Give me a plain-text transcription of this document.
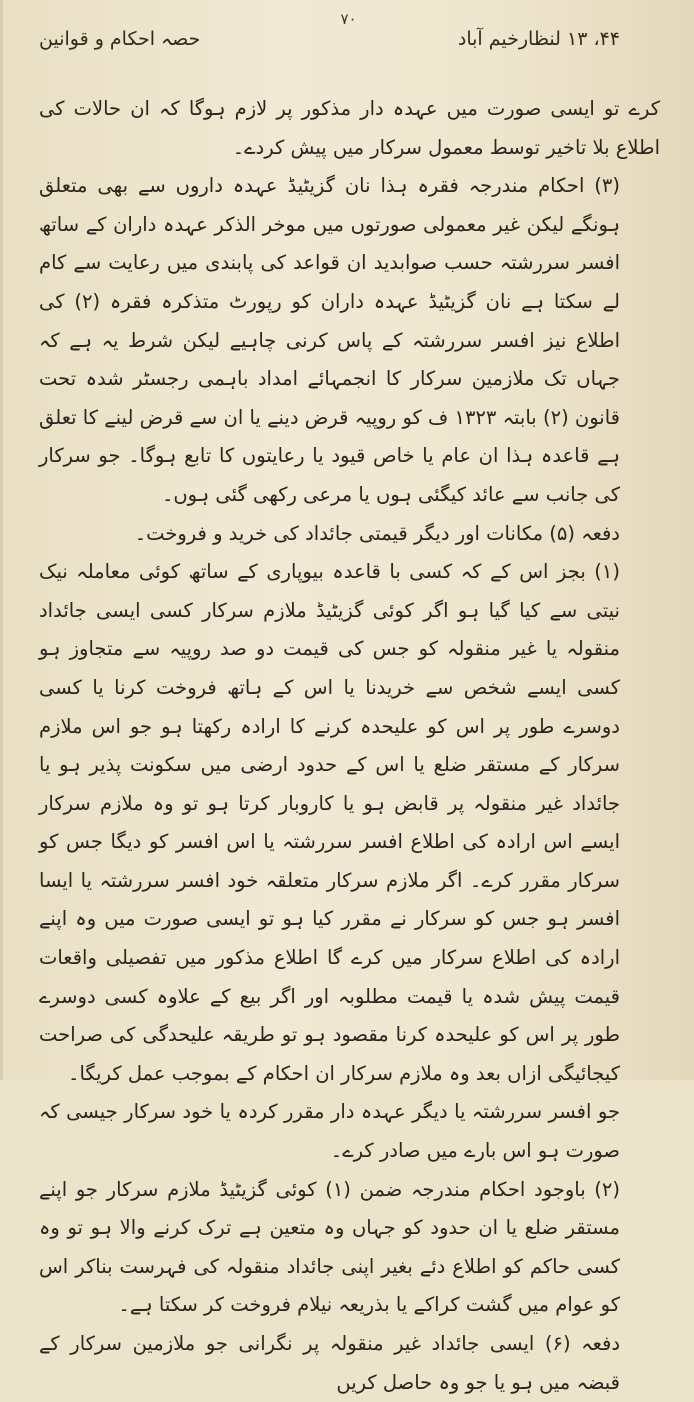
۷۰
۴۴، ۱۳ لنظارخیم آباد
حصہ احکام و قوانین

کرے تو ایسی صورت میں عہدہ دار مذکور پر لازم ہوگا کہ ان حالات کی اطلاع بلا تاخیر توسط معمول سرکار میں پیش کردے۔

(۳) احکام مندرجہ فقرہ ہذا نان گزیٹیڈ عہدہ داروں سے بھی متعلق ہونگے لیکن غیر معمولی صورتوں میں موخر الذکر عہدہ داران کے ساتھ افسر سررشتہ حسب صوابدید ان قواعد کی پابندی میں رعایت سے کام لے سکتا ہے نان گزیٹیڈ عہدہ داران کو رپورٹ متذکرہ فقرہ (۲) کی اطلاع نیز افسر سررشتہ کے پاس کرنی چاہیے لیکن شرط یہ ہے کہ جہاں تک ملازمین سرکار کا انجمہائے امداد باہمی رجسٹر شدہ تحت قانون (۲) بابتہ ۱۳۲۳ ف کو روپیہ قرض دینے یا ان سے قرض لینے کا تعلق ہے قاعدہ ہذا ان عام یا خاص قیود یا رعایتوں کا تابع ہوگا۔ جو سرکار کی جانب سے عائد کیگئی ہوں یا مرعی رکھی گئی ہوں۔

دفعہ (۵) مکانات اور دیگر قیمتی جائداد کی خرید و فروخت۔

(۱) بجز اس کے کہ کسی با قاعدہ بیوپاری کے ساتھ کوئی معاملہ نیک نیتی سے کیا گیا ہو اگر کوئی گزیٹیڈ ملازم سرکار کسی ایسی جائداد منقولہ یا غیر منقولہ کو جس کی قیمت دو صد روپیہ سے متجاوز ہو کسی ایسے شخص سے خریدنا یا اس کے ہاتھ فروخت کرنا یا کسی دوسرے طور پر اس کو علیحدہ کرنے کا ارادہ رکھتا ہو جو اس ملازم سرکار کے مستقر ضلع یا اس کے حدود ارضی میں سکونت پذیر ہو یا جائداد غیر منقولہ پر قابض ہو یا کاروبار کرتا ہو تو وہ ملازم سرکار ایسے اس ارادہ کی اطلاع افسر سررشتہ یا اس افسر کو دیگا جس کو سرکار مقرر کرے۔ اگر ملازم سرکار متعلقہ خود افسر سررشتہ یا ایسا افسر ہو جس کو سرکار نے مقرر کیا ہو تو ایسی صورت میں وہ اپنے ارادہ کی اطلاع سرکار میں کرے گا اطلاع مذکور میں تفصیلی واقعات قیمت پیش شدہ یا قیمت مطلوبہ اور اگر بیع کے علاوہ کسی دوسرے طور پر اس کو علیحدہ کرنا مقصود ہو تو طریقہ علیحدگی کی صراحت کیجائیگی ازاں بعد وہ ملازم سرکار ان احکام کے بموجب عمل کریگا۔

جو افسر سررشتہ یا دیگر عہدہ دار مقرر کردہ یا خود سرکار جیسی کہ صورت ہو اس بارے میں صادر کرے۔

(۲) باوجود احکام مندرجہ ضمن (۱) کوئی گزیٹیڈ ملازم سرکار جو اپنے مستقر ضلع یا ان حدود کو جہاں وہ متعین ہے ترک کرنے والا ہو تو وہ کسی حاکم کو اطلاع دئے بغیر اپنی جائداد منقولہ کی فہرست بناکر اس کو عوام میں گشت کراکے یا بذریعہ نیلام فروخت کر سکتا ہے۔

دفعہ (۶) ایسی جائداد غیر منقولہ پر نگرانی جو ملازمین سرکار کے قبضہ میں ہو یا جو وہ حاصل کریں
